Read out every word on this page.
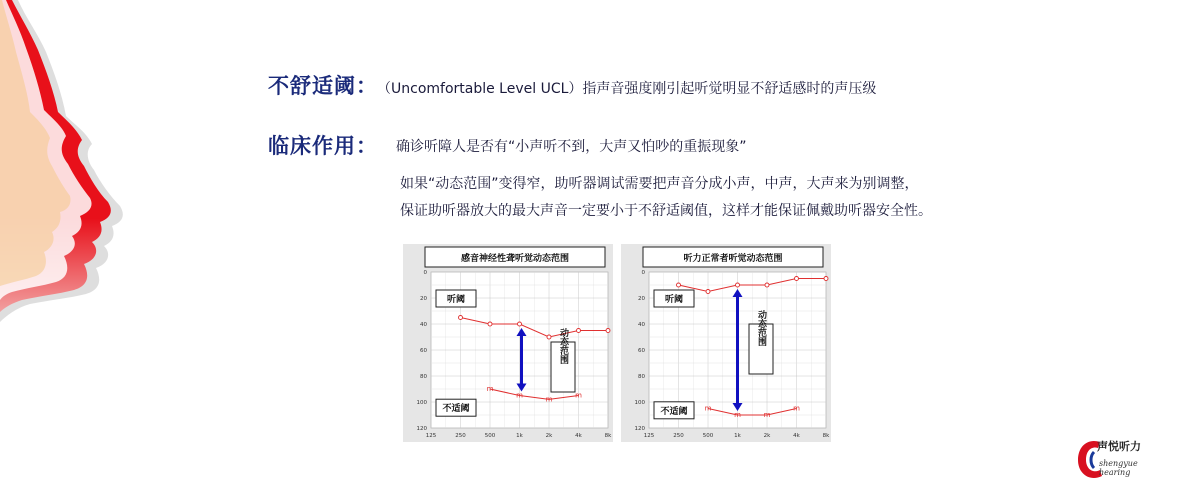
不舒适阈： （Uncomfortable Level UCL）指声音强度刚引起听觉明显不舒适感时的声压级
临床作用： 确诊听障人是否有“小声听不到，大声又怕吵的重振现象”
如果“动态范围”变得窄，助听器调试需要把声音分成小声，中声，大声来为别调整，
保证助听器放大的最大声音一定要小于不舒适阈值，这样才能保证佩戴助听器安全性。
0
20
40
60
80
100
120
125	250	500	1k	2k	4k	8k
感音神经性聋听觉动态范围
m
m	m	m
听阈
不适阈
动态范围
0
20
40
60
80
100
120
125	250	500	1k	2k	4k	8k
听力正常者听觉动态范围
m
m	m
m
听阈
不适阈
动态范围
声悦听力
shengyue hearing
